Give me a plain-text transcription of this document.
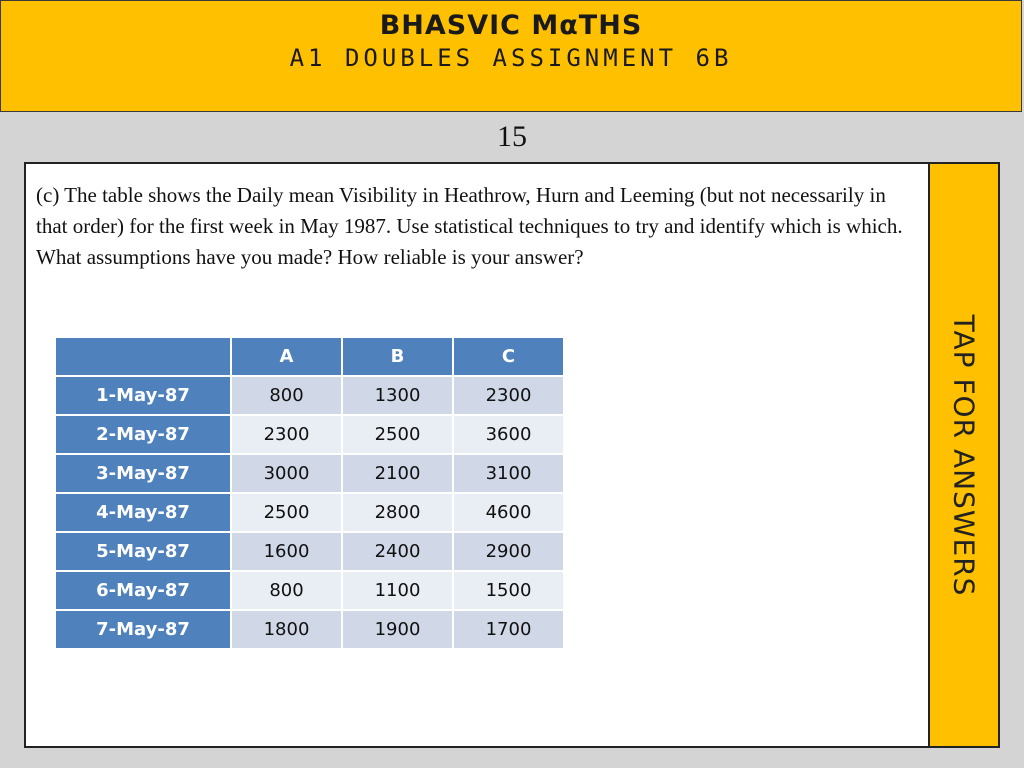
BHASVIC MαTHS
A1 DOUBLES ASSIGNMENT 6B
15

(c) The table shows the Daily mean Visibility in Heathrow, Hurn and Leeming (but not necessarily in that order) for the first week in May 1987. Use statistical techniques to try and identify which is which. What assumptions have you made? How reliable is your answer?

	A	B	C
1-May-87	800	1300	2300
2-May-87	2300	2500	3600
3-May-87	3000	2100	3100
4-May-87	2500	2800	4600
5-May-87	1600	2400	2900
6-May-87	800	1100	1500
7-May-87	1800	1900	1700
TAP FOR ANSWERS
